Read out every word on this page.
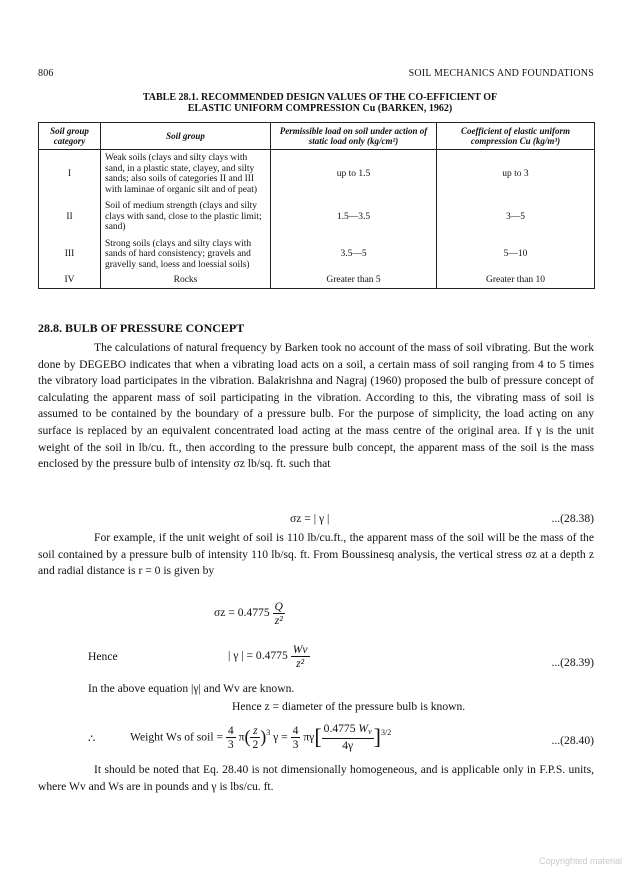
806	SOIL MECHANICS AND FOUNDATIONS
TABLE 28.1. RECOMMENDED DESIGN VALUES OF THE CO-EFFICIENT OF
ELASTIC UNIFORM COMPRESSION Cu (BARKEN, 1962)
Soil group category	Soil group	Permissible load on soil under action of static load only (kg/cm²)	Coefficient of elastic uniform compression Cu (kg/m³)
I	Weak soils (clays and silty clays with sand, in a plastic state, clayey, and silty sands; also soils of categories II and III with laminae of organic silt and of peat)	up to 1.5	up to 3
II	Soil of medium strength (clays and silty clays with sand, close to the plastic limit; sand)	1.5—3.5	3—5
III	Strong soils (clays and silty clays with sands of hard consistency; gravels and gravelly sand, loess and loessial soils)	3.5—5	5—10
IV	Rocks	Greater than 5	Greater than 10
28.8. BULB OF PRESSURE CONCEPT
The calculations of natural frequency by Barken took no account of the mass of soil vibrating. But the work done by DEGEBO indicates that when a vibrating load acts on a soil, a certain mass of soil ranging from 4 to 5 times the vibratory load participates in the vibration. Balakrishna and Nagraj (1960) proposed the bulb of pressure concept of calculating the apparent mass of soil participating in the vibration. According to this, the vibrating mass of soil is assumed to be contained by the boundary of a pressure bulb. For the purpose of simplicity, the load acting on any surface is replaced by an equivalent concentrated load acting at the mass centre of the original area. If γ is the unit weight of the soil in lb/cu. ft., then according to the pressure bulb concept, the apparent mass of the soil is the mass enclosed by the pressure bulb of intensity σz lb/sq. ft. such that
σz = | γ |	...(28.38)
For example, if the unit weight of soil is 110 lb/cu.ft., the apparent mass of the soil will be the mass of the soil contained by a pressure bulb of intensity 110 lb/sq. ft. From Boussinesq analysis, the vertical stress σz at a depth z and radial distance is r = 0 is given by
$\sigma z = 0.4775 \frac{Q}{\text{z²}}$
Hence	| γ | = $0.4775 \frac{Wv}{\text{z²}}$	...(28.39)
In the above equation |γ| and Wv are known.
Hence z = diameter of the pressure bulb is known.
∴	Weight Ws of soil = $\frac{4}{3} \pi( \frac{z}{2} )^3$ $\gamma = \frac{4}{3} \pi\gamma[ \frac{0.4775 W_v}{4\gamma} ]^{3/2}$
...(28.40)
It should be noted that Eq. 28.40 is not dimensionally homogeneous, and is applicable only in F.P.S. units, where Wv and Ws are in pounds and γ is lbs/cu. ft.
Copyrighted material
